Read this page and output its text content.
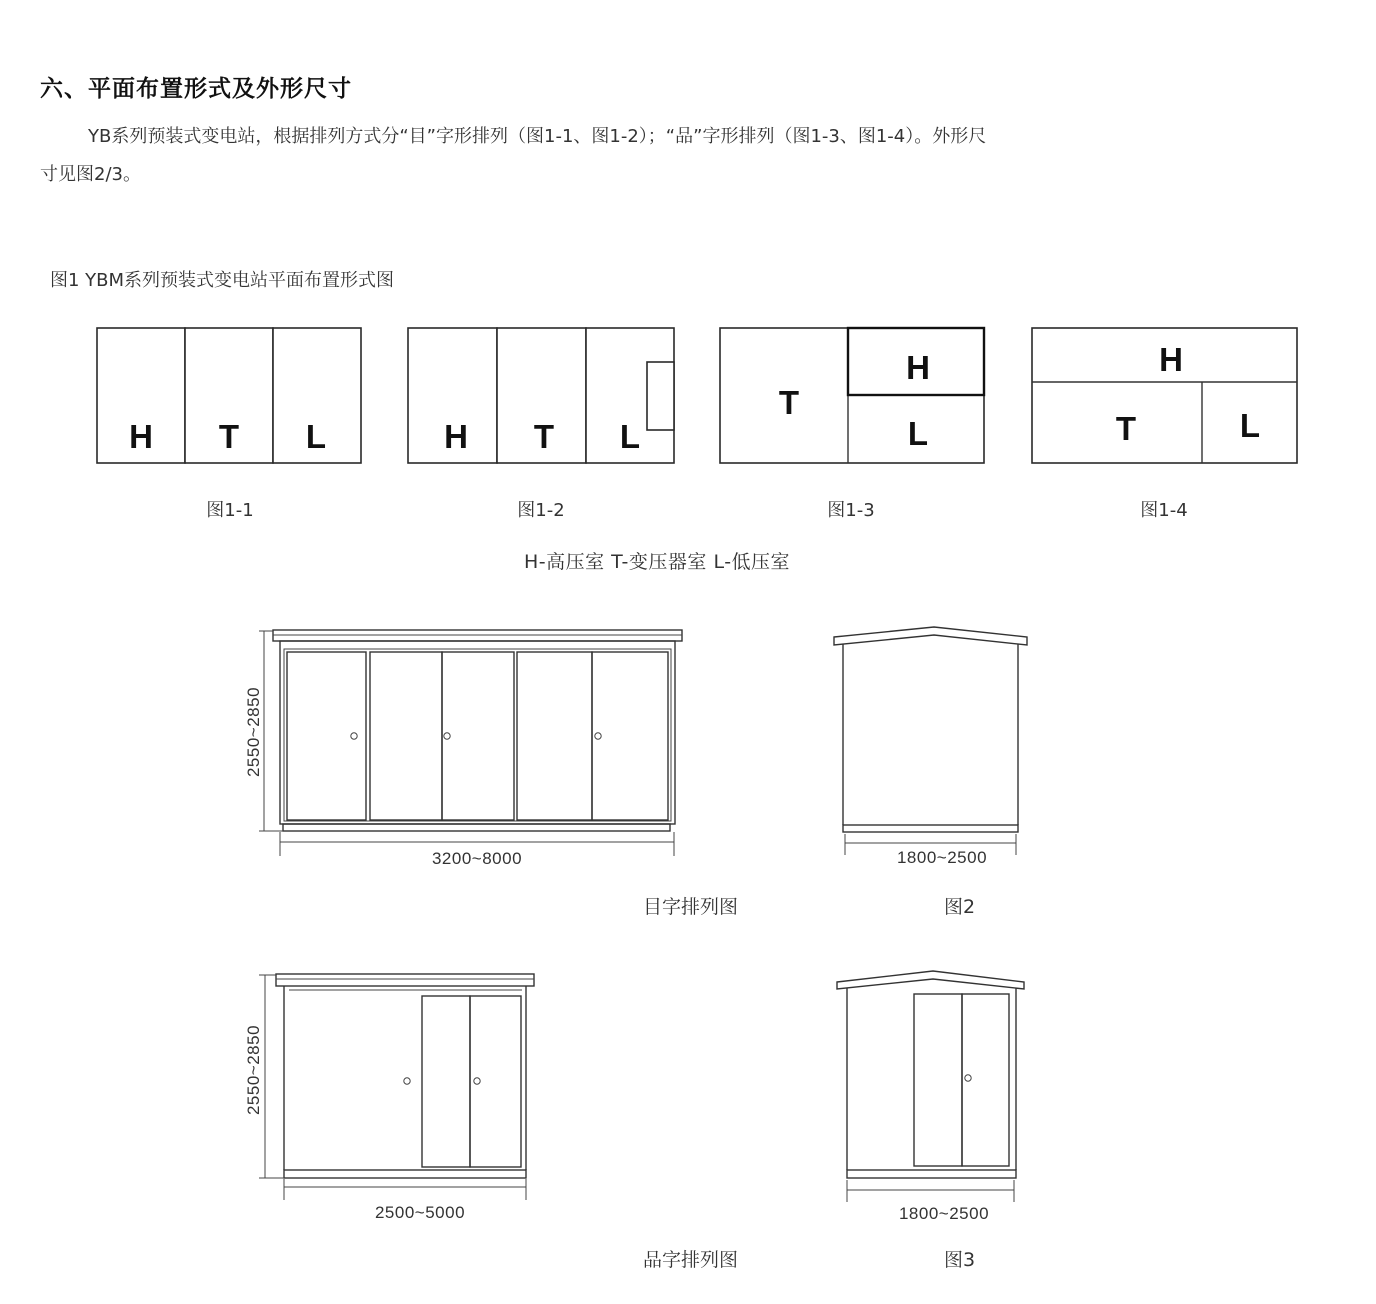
六、平面布置形式及外形尺寸
YB系列预装式变电站，根据排列方式分“目”字形排列（图1-1、图1-2）；“品”字形排列（图1-3、图1-4）。外形尺
寸见图2/3。
图1 YBM系列预装式变电站平面布置形式图
H T L	H T L
T
H
L
H
T	L
2550~2850
3200~8000	1800~2500
2550~2850
2500~5000	1800~2500
图1-1	图1-2	图1-3	图1-4
H-高压室 T-变压器室 L-低压室
目字排列图	图2
品字排列图	图3
